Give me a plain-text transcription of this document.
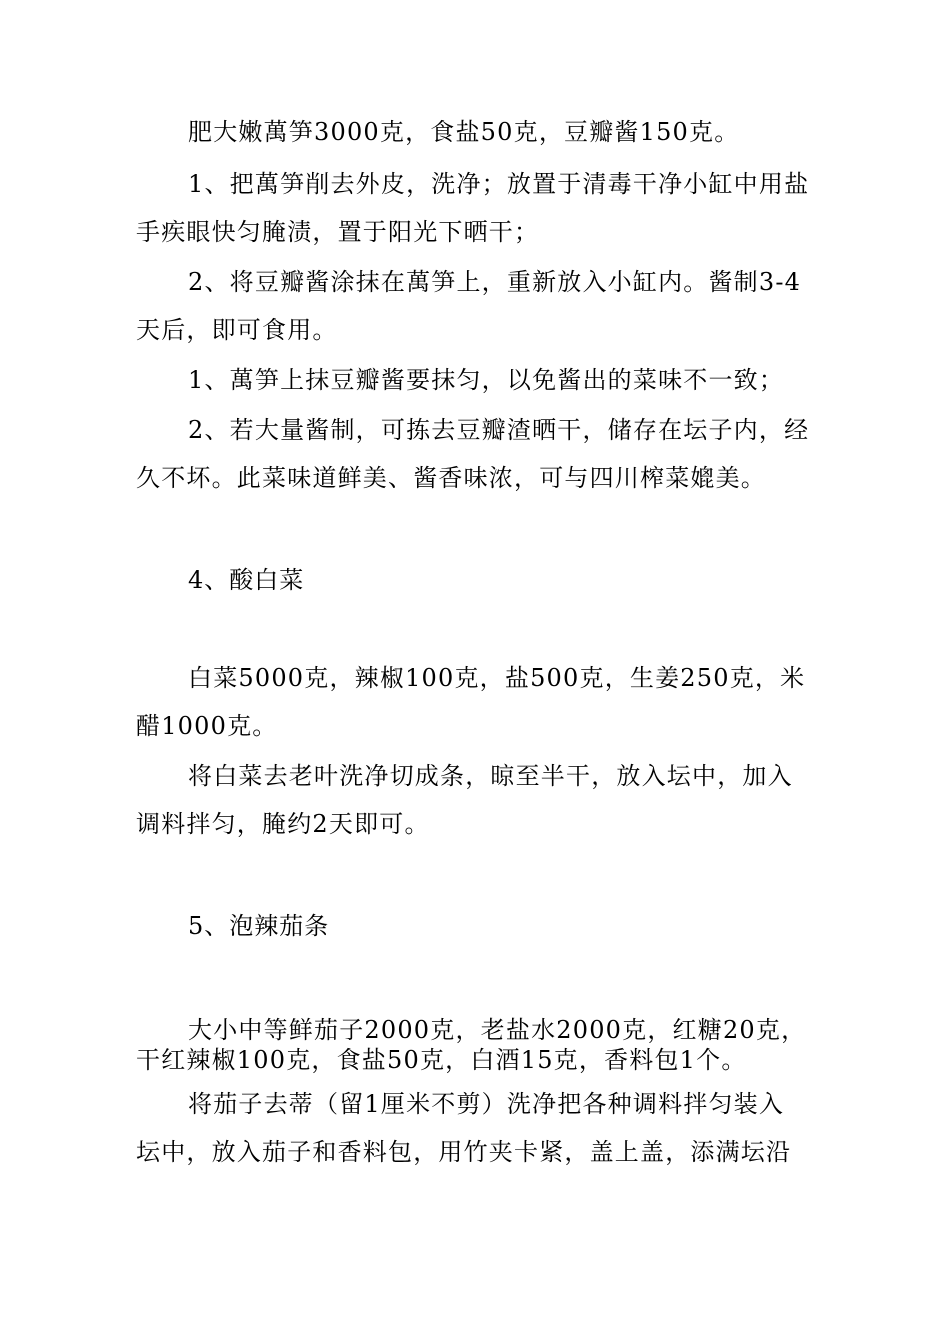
肥大嫩萬笋3000克，食盐50克，豆瓣酱150克。
1、把萬笋削去外皮，洗净；放置于清毒干净小缸中用盐
手疾眼快匀腌渍，置于阳光下晒干；
2、将豆瓣酱涂抹在萬笋上，重新放入小缸内。酱制3-4
天后，即可食用。
1、萬笋上抹豆瓣酱要抹匀，以免酱出的菜味不一致；
2、若大量酱制，可拣去豆瓣渣晒干，储存在坛子内，经
久不坏。此菜味道鲜美、酱香味浓，可与四川榨菜媲美。
4、酸白菜
白菜5000克，辣椒100克，盐500克，生姜250克，米
醋1000克。
将白菜去老叶洗净切成条，晾至半干，放入坛中，加入
调料拌匀，腌约2天即可。
5、泡辣茄条
大小中等鲜茄子2000克，老盐水2000克，红糖20克，
干红辣椒100克，食盐50克，白酒15克，香料包1个。
将茄子去蒂（留1厘米不剪）洗净把各种调料拌匀装入
坛中，放入茄子和香料包，用竹夹卡紧，盖上盖，添满坛沿
